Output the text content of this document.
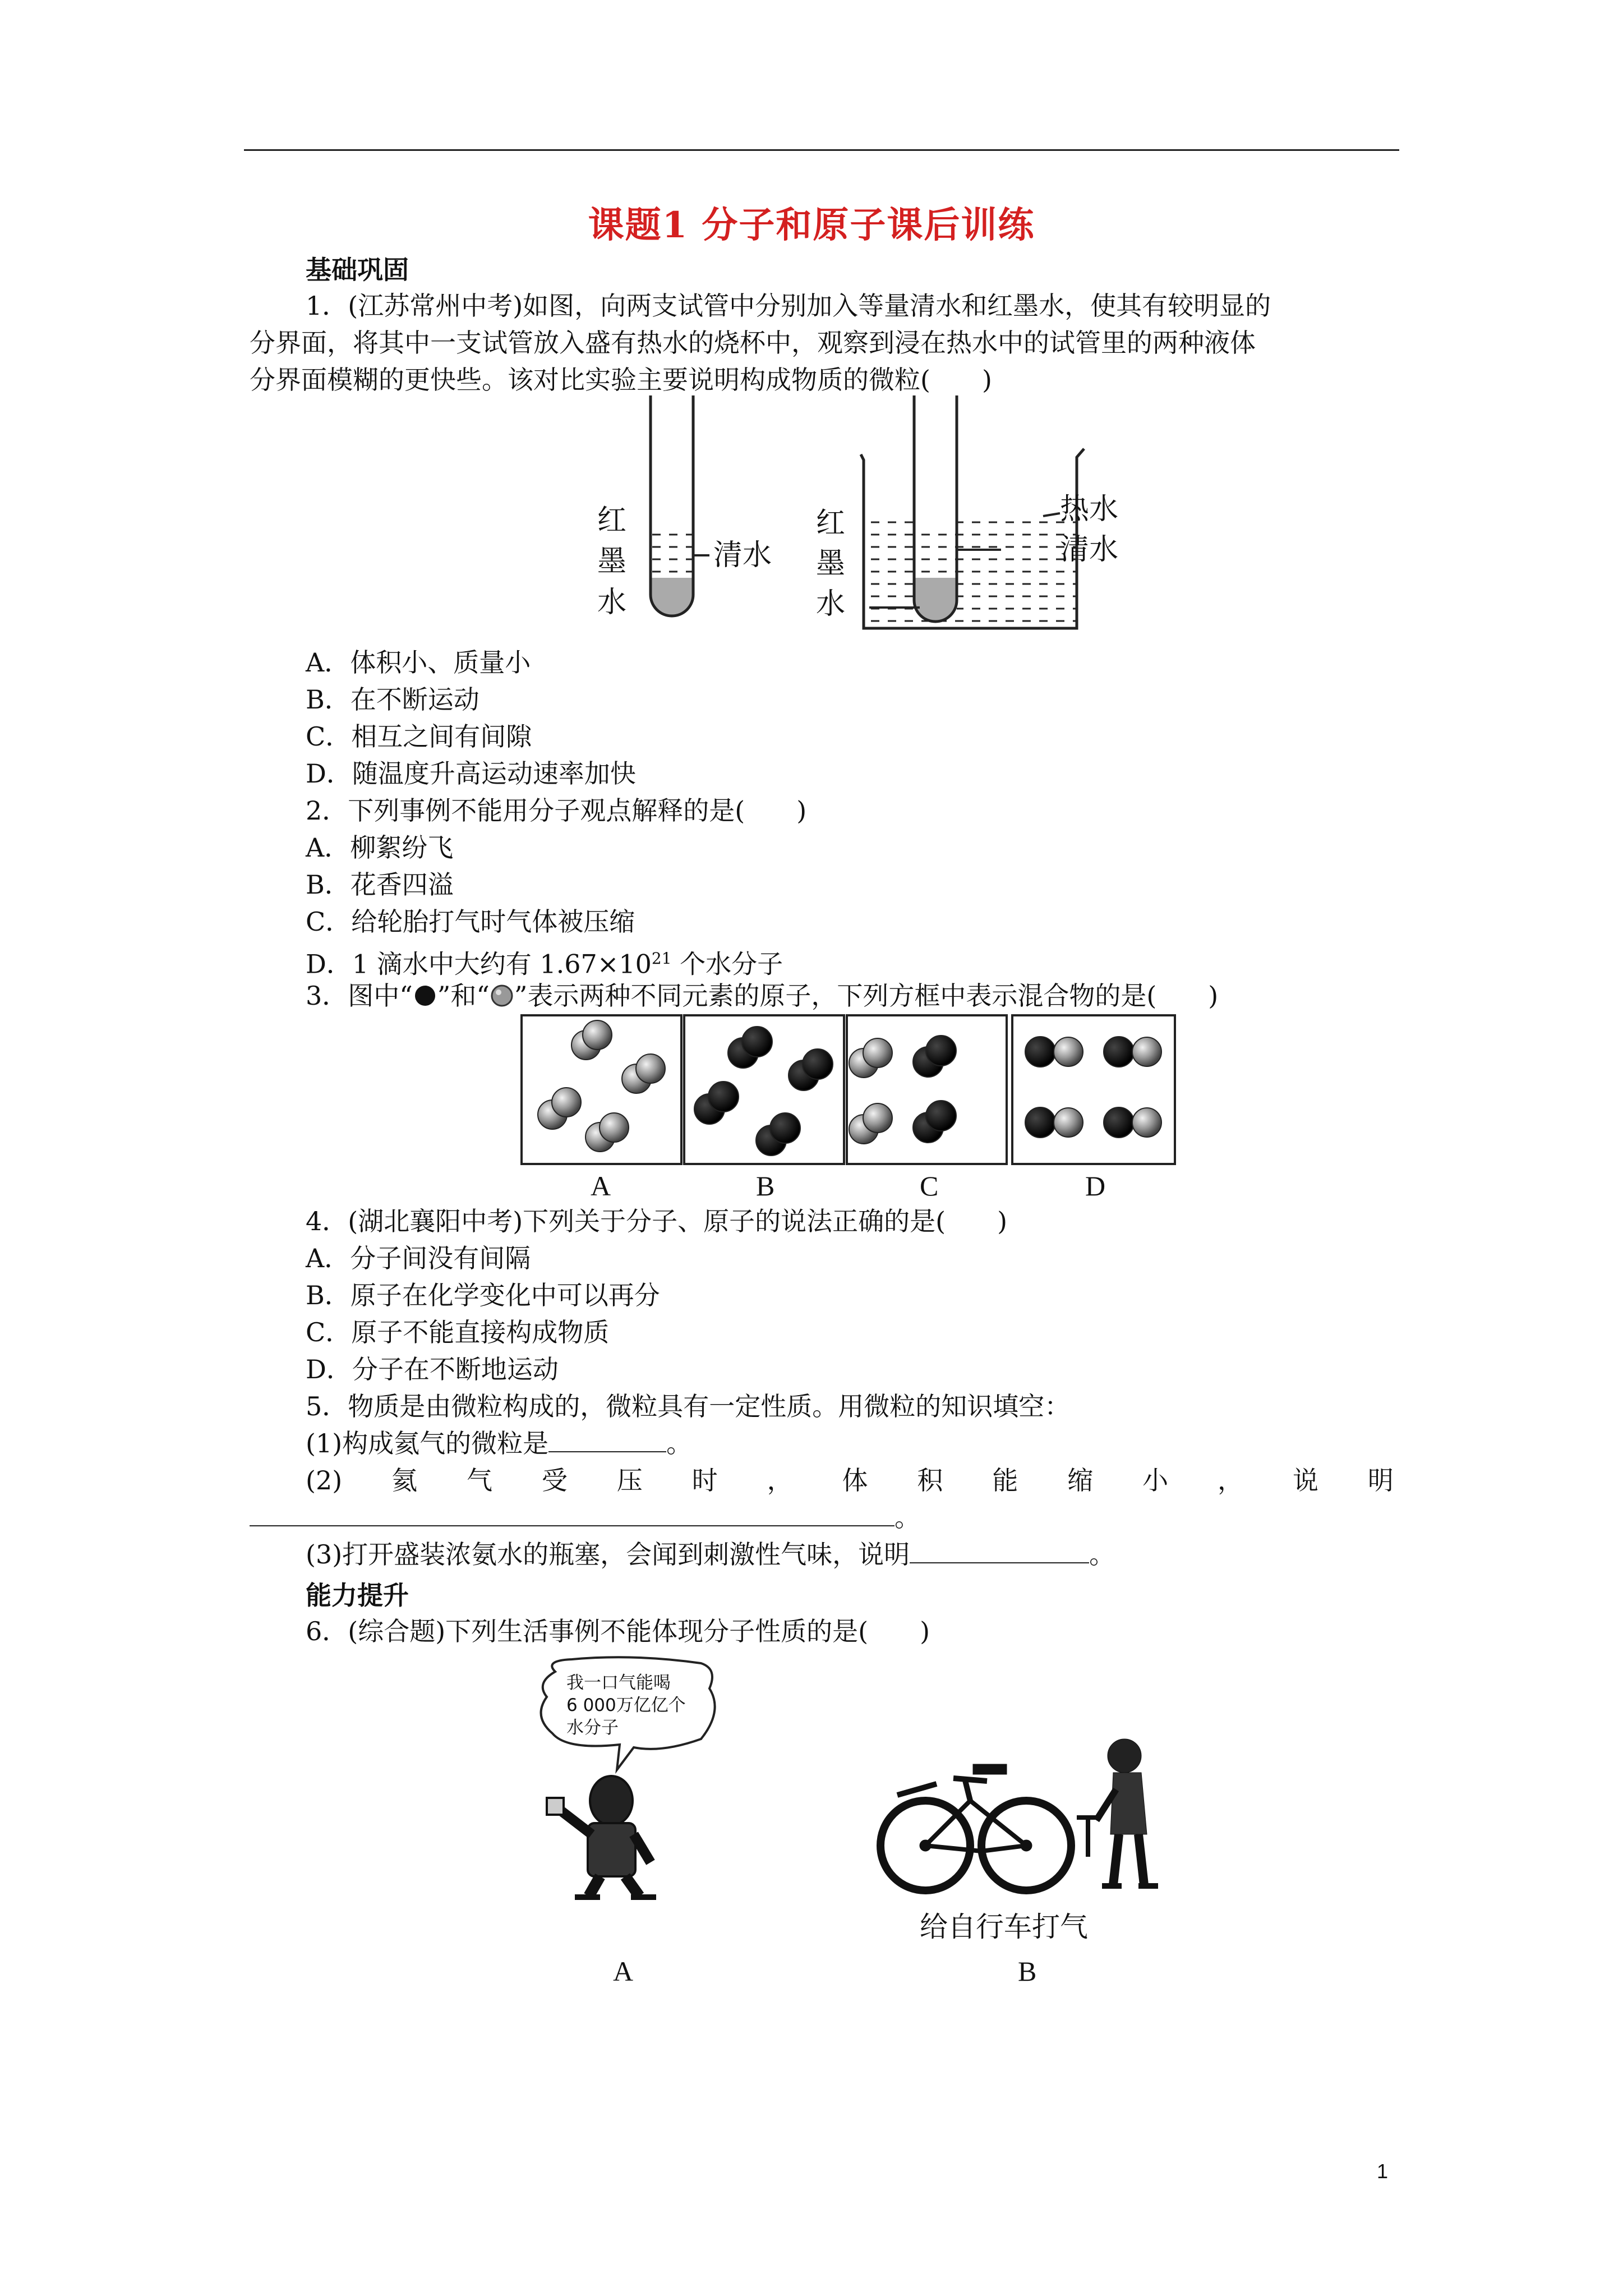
课题1 分子和原子课后训练
基础巩固
1．(江苏常州中考)如图，向两支试管中分别加入等量清水和红墨水，使其有较明显的
分界面，将其中一支试管放入盛有热水的烧杯中，观察到浸在热水中的试管里的两种液体
分界面模糊的更快些。该对比实验主要说明构成物质的微粒(　　)
红
墨
水
清水
红
墨
水
热水
清水
A．体积小、质量小
B．在不断运动
C．相互之间有间隙
D．随温度升高运动速率加快
2．下列事例不能用分子观点解释的是(　　)
A．柳絮纷飞
B．花香四溢
C．给轮胎打气时气体被压缩
D．1 滴水中大约有 $1.67\times 10^{21}$ 个水分子
3．图中“ ”和“ ”表示两种不同元素的原子，下列方框中表示混合物的是(　　)
A	B	C	D
4．(湖北襄阳中考)下列关于分子、原子的说法正确的是(　　)
A．分子间没有间隔
B．原子在化学变化中可以再分
C．原子不能直接构成物质
D．分子在不断地运动
5．物质是由微粒构成的，微粒具有一定性质。用微粒的知识填空：
(1)构成氦气的微粒是	。
(2) 氦 气 受 压 时 ， 体 积 能 缩 小 ， 说 明
。
(3)打开盛装浓氨水的瓶塞，会闻到刺激性气味，说明	。
能力提升
6．(综合题)下列生活事例不能体现分子性质的是(　　)
我一口气能喝
6 000万亿亿个
水分子
给自行车打气
A	B
1
